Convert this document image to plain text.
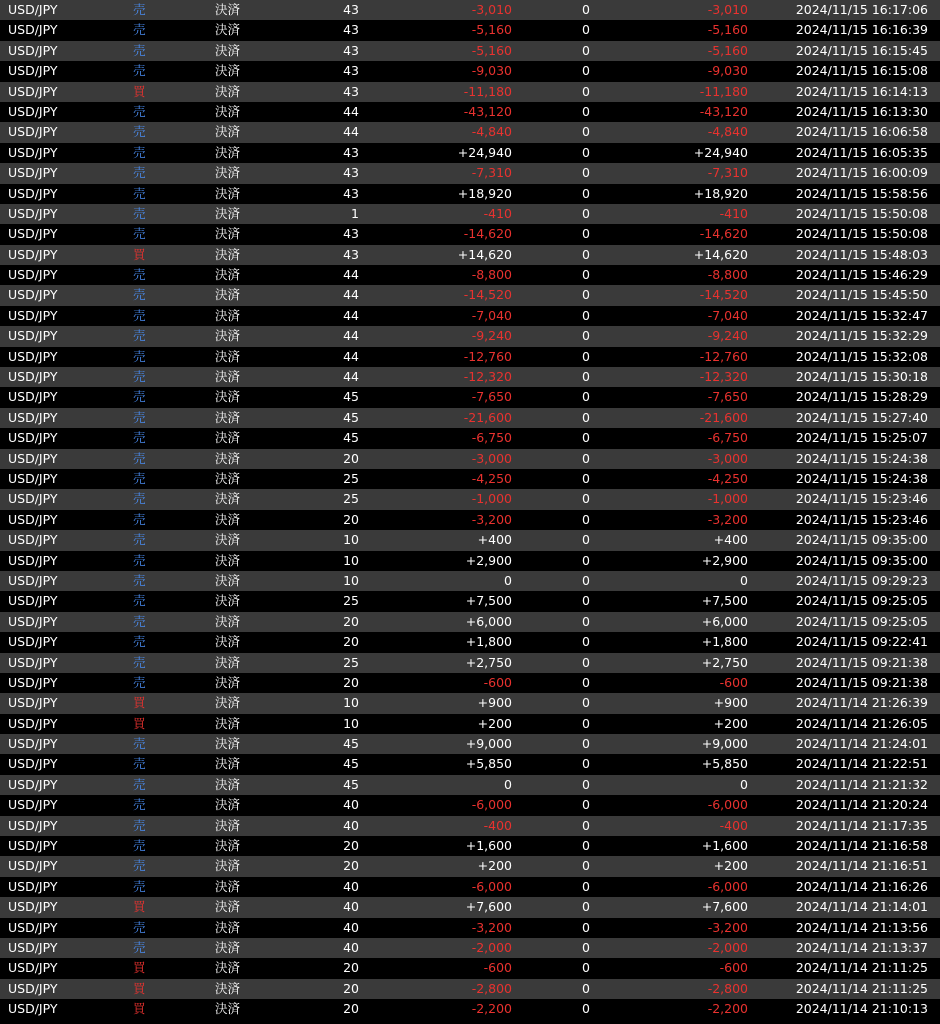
USD/JPY	売	決済	43	-3,010	0	-3,010	2024/11/15 16:17:06
USD/JPY	売	決済	43	-5,160	0	-5,160	2024/11/15 16:16:39
USD/JPY	売	決済	43	-5,160	0	-5,160	2024/11/15 16:15:45
USD/JPY	売	決済	43	-9,030	0	-9,030	2024/11/15 16:15:08
USD/JPY	買	決済	43	-11,180	0	-11,180	2024/11/15 16:14:13
USD/JPY	売	決済	44	-43,120	0	-43,120	2024/11/15 16:13:30
USD/JPY	売	決済	44	-4,840	0	-4,840	2024/11/15 16:06:58
USD/JPY	売	決済	43	+24,940	0	+24,940	2024/11/15 16:05:35
USD/JPY	売	決済	43	-7,310	0	-7,310	2024/11/15 16:00:09
USD/JPY	売	決済	43	+18,920	0	+18,920	2024/11/15 15:58:56
USD/JPY	売	決済	1	-410	0	-410	2024/11/15 15:50:08
USD/JPY	売	決済	43	-14,620	0	-14,620	2024/11/15 15:50:08
USD/JPY	買	決済	43	+14,620	0	+14,620	2024/11/15 15:48:03
USD/JPY	売	決済	44	-8,800	0	-8,800	2024/11/15 15:46:29
USD/JPY	売	決済	44	-14,520	0	-14,520	2024/11/15 15:45:50
USD/JPY	売	決済	44	-7,040	0	-7,040	2024/11/15 15:32:47
USD/JPY	売	決済	44	-9,240	0	-9,240	2024/11/15 15:32:29
USD/JPY	売	決済	44	-12,760	0	-12,760	2024/11/15 15:32:08
USD/JPY	売	決済	44	-12,320	0	-12,320	2024/11/15 15:30:18
USD/JPY	売	決済	45	-7,650	0	-7,650	2024/11/15 15:28:29
USD/JPY	売	決済	45	-21,600	0	-21,600	2024/11/15 15:27:40
USD/JPY	売	決済	45	-6,750	0	-6,750	2024/11/15 15:25:07
USD/JPY	売	決済	20	-3,000	0	-3,000	2024/11/15 15:24:38
USD/JPY	売	決済	25	-4,250	0	-4,250	2024/11/15 15:24:38
USD/JPY	売	決済	25	-1,000	0	-1,000	2024/11/15 15:23:46
USD/JPY	売	決済	20	-3,200	0	-3,200	2024/11/15 15:23:46
USD/JPY	売	決済	10	+400	0	+400	2024/11/15 09:35:00
USD/JPY	売	決済	10	+2,900	0	+2,900	2024/11/15 09:35:00
USD/JPY	売	決済	10	0	0	0	2024/11/15 09:29:23
USD/JPY	売	決済	25	+7,500	0	+7,500	2024/11/15 09:25:05
USD/JPY	売	決済	20	+6,000	0	+6,000	2024/11/15 09:25:05
USD/JPY	売	決済	20	+1,800	0	+1,800	2024/11/15 09:22:41
USD/JPY	売	決済	25	+2,750	0	+2,750	2024/11/15 09:21:38
USD/JPY	売	決済	20	-600	0	-600	2024/11/15 09:21:38
USD/JPY	買	決済	10	+900	0	+900	2024/11/14 21:26:39
USD/JPY	買	決済	10	+200	0	+200	2024/11/14 21:26:05
USD/JPY	売	決済	45	+9,000	0	+9,000	2024/11/14 21:24:01
USD/JPY	売	決済	45	+5,850	0	+5,850	2024/11/14 21:22:51
USD/JPY	売	決済	45	0	0	0	2024/11/14 21:21:32
USD/JPY	売	決済	40	-6,000	0	-6,000	2024/11/14 21:20:24
USD/JPY	売	決済	40	-400	0	-400	2024/11/14 21:17:35
USD/JPY	売	決済	20	+1,600	0	+1,600	2024/11/14 21:16:58
USD/JPY	売	決済	20	+200	0	+200	2024/11/14 21:16:51
USD/JPY	売	決済	40	-6,000	0	-6,000	2024/11/14 21:16:26
USD/JPY	買	決済	40	+7,600	0	+7,600	2024/11/14 21:14:01
USD/JPY	売	決済	40	-3,200	0	-3,200	2024/11/14 21:13:56
USD/JPY	売	決済	40	-2,000	0	-2,000	2024/11/14 21:13:37
USD/JPY	買	決済	20	-600	0	-600	2024/11/14 21:11:25
USD/JPY	買	決済	20	-2,800	0	-2,800	2024/11/14 21:11:25
USD/JPY	買	決済	20	-2,200	0	-2,200	2024/11/14 21:10:13
